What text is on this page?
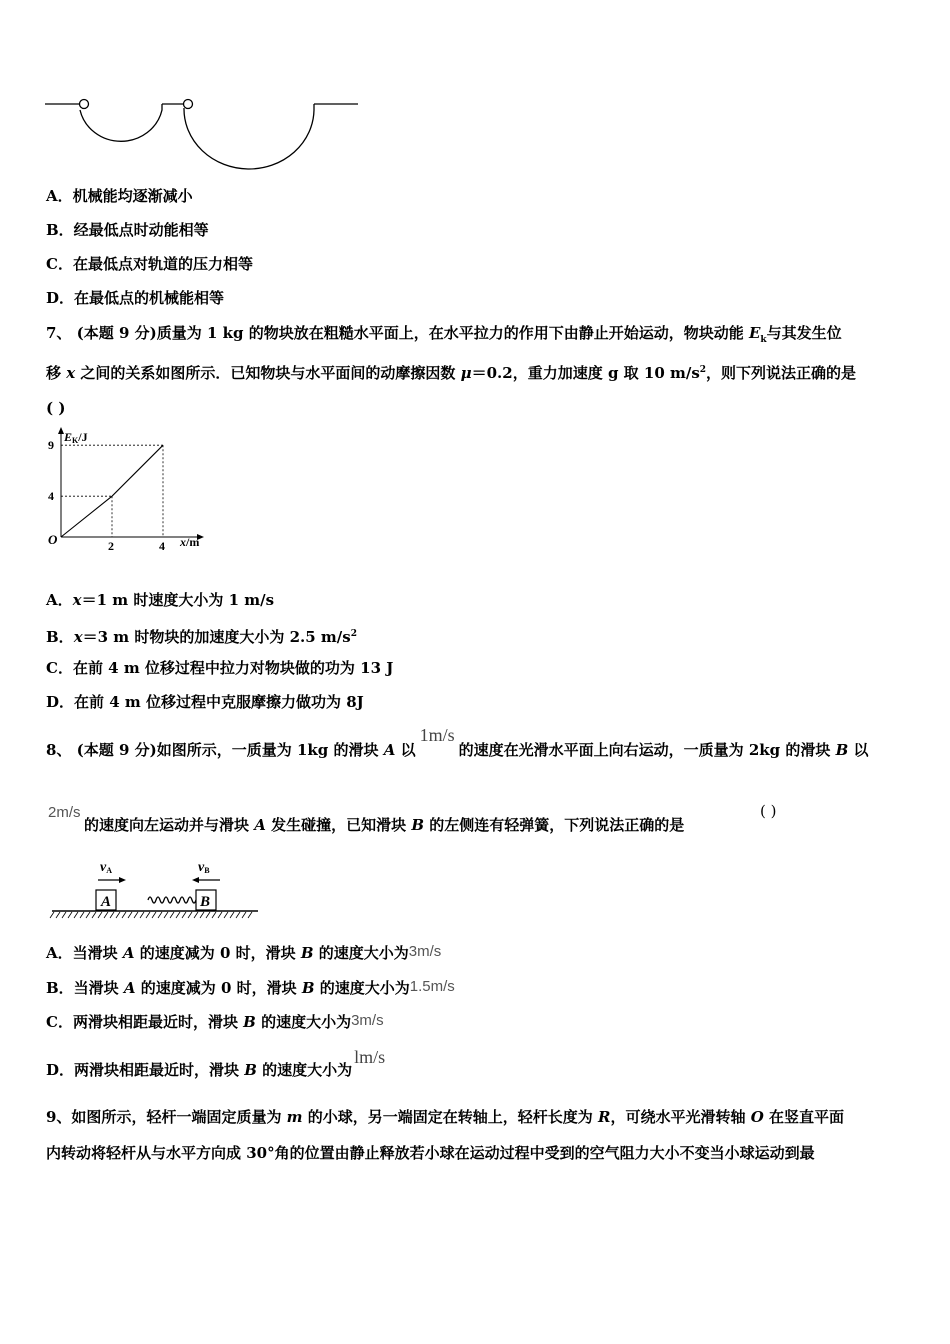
A．机械能均逐渐减小
B．经最低点时动能相等
C．在最低点对轨道的压力相等
D．在最低点的机械能相等
7、 (本题 9 分)质量为 1 kg 的物块放在粗糙水平面上，在水平拉力的作用下由静止开始运动，物块动能 $E_k$与其发生位
移 x 之间的关系如图所示．已知物块与水平面间的动摩擦因数 μ＝0.2，重力加速度 g 取 10 $m/s^2$，则下列说法正确的是
( )
EK/J
x/m
O	2	4
4
9
A．x＝1 m 时速度大小为 1 m/s
B．x＝3 m 时物块的加速度大小为 2.5 $m/s^2$
C．在前 4 m 位移过程中拉力对物块做的功为 13 J
D．在前 4 m 位移过程中克服摩擦力做功为 8J
8、 (本题 9 分)如图所示，一质量为 1kg 的滑块 A 以1m/s的速度在光滑水平面上向右运动，一质量为 2kg 的滑块 B 以
2m/s
的速度向左运动并与滑块 A 发生碰撞，已知滑块 B 的左侧连有轻弹簧，下列说法正确的是
( )
vA	vB
A	B
A．当滑块 A 的速度减为 0 时，滑块 B 的速度大小为3m/s
B．当滑块 A 的速度减为 0 时，滑块 B 的速度大小为1.5m/s
C．两滑块相距最近时，滑块 B 的速度大小为3m/s
D．两滑块相距最近时，滑块 B 的速度大小为lm/s
9、如图所示，轻杆一端固定质量为 m 的小球，另一端固定在转轴上，轻杆长度为 R，可绕水平光滑转轴 O 在竖直平面
内转动将轻杆从与水平方向成 30°角的位置由静止释放若小球在运动过程中受到的空气阻力大小不变当小球运动到最
